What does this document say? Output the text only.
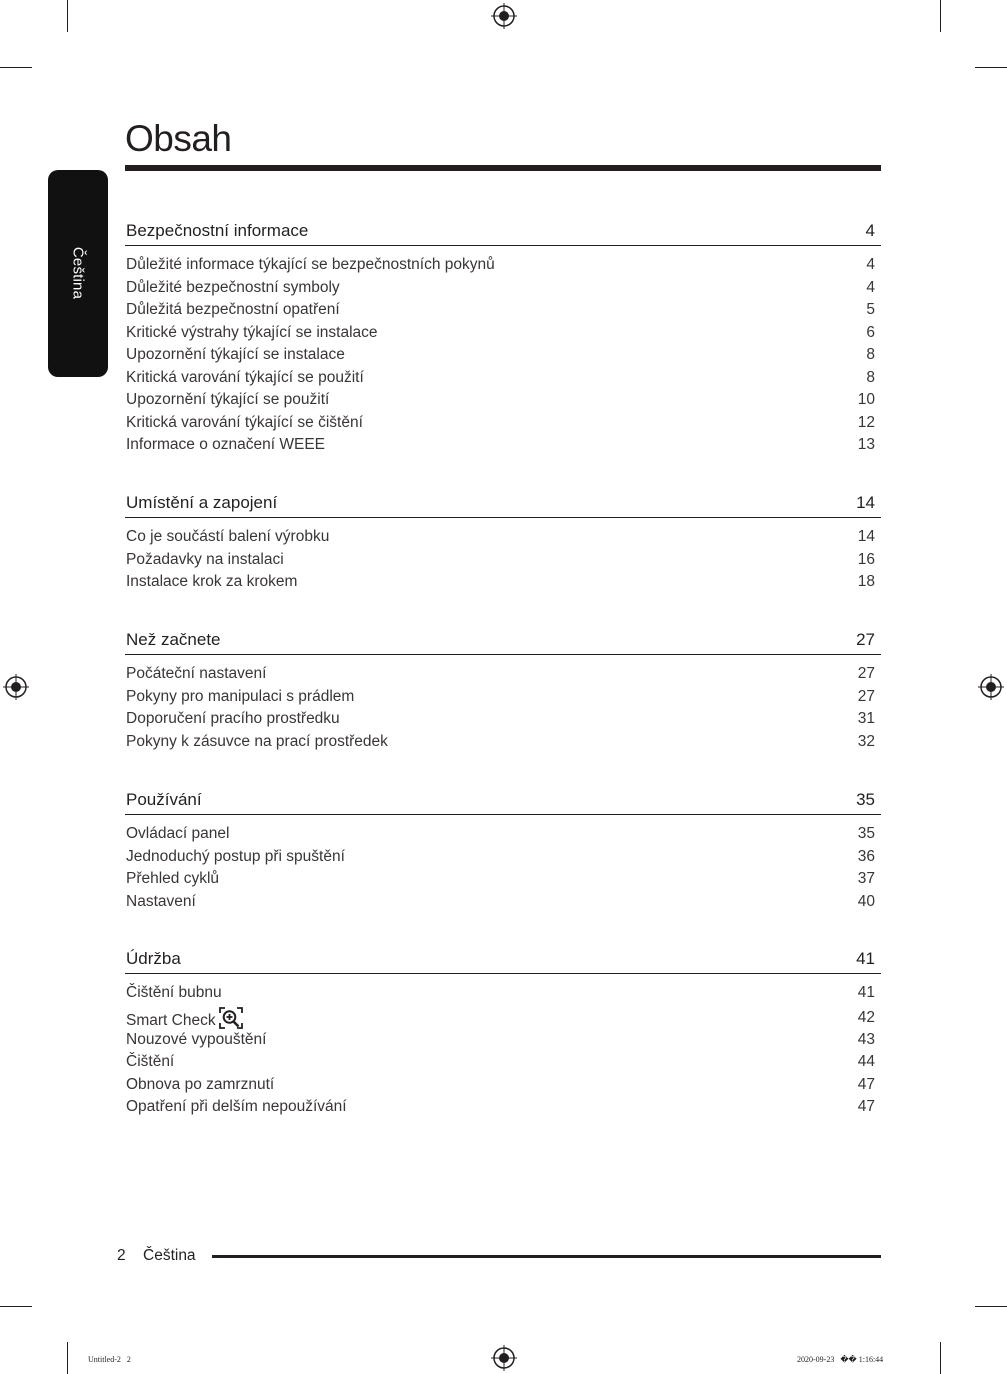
Čeština
Obsah
Bezpečnostní informace	4
Důležité informace týkající se bezpečnostních pokynů	4
Důležité bezpečnostní symboly	4
Důležitá bezpečnostní opatření	5
Kritické výstrahy týkající se instalace	6
Upozornění týkající se instalace	8
Kritická varování týkající se použití	8
Upozornění týkající se použití	10
Kritická varování týkající se čištění	12
Informace o označení WEEE	13
Umístění a zapojení	14
Co je součástí balení výrobku	14
Požadavky na instalaci	16
Instalace krok za krokem	18
Než začnete	27
Počáteční nastavení	27
Pokyny pro manipulaci s prádlem	27
Doporučení pracího prostředku	31
Pokyny k zásuvce na prací prostředek	32
Používání	35
Ovládací panel	35
Jednoduchý postup při spuštění	36
Přehled cyklů	37
Nastavení	40
Údržba	41
Čištění bubnu	41
Smart Check	42
Nouzové vypouštění	43
Čištění	44
Obnova po zamrznutí	47
Opatření při delším nepoužívání	47
2 Čeština
Untitled-2   2	2020-09-23   �� 1:16:44
